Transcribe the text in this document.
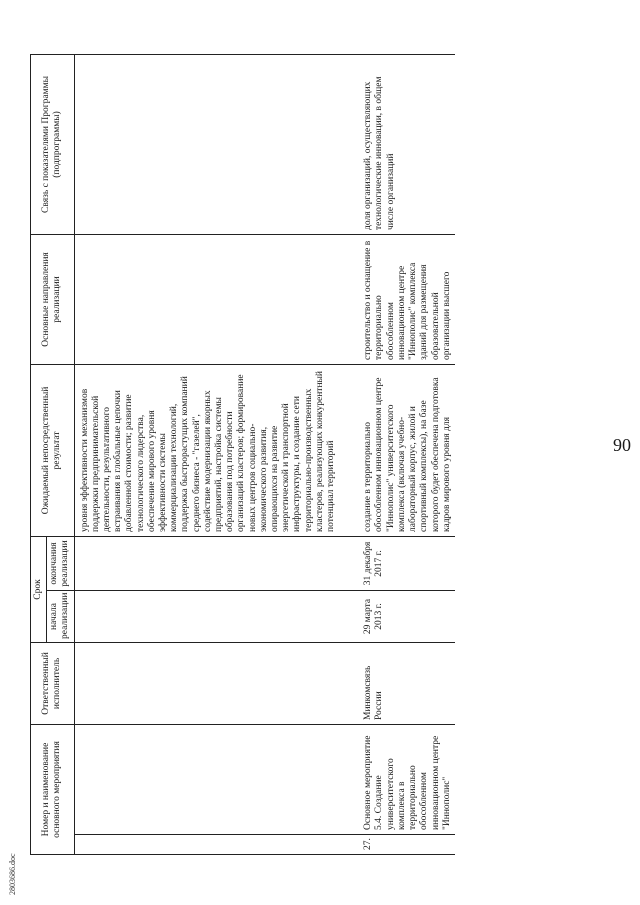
90
2803686.doc
Номер и наименование основного мероприятия		Ответственный исполнитель	Срок		Ожидаемый непосредственный результат	Основные направления реализации	Связь с показателями Программы (подпрограммы)
			начала реализации	окончания реализации			
					уровня эффективности механизмов поддержки предпринимательской деятельности, результативного встраивания в глобальные цепочки добавленной стоимости; развитие технологического лидерства, обеспечение мирового уровня эффективности системы коммерциализации технологий, поддержка быстрорастущих компаний среднего бизнеса - "газелей", содействие модернизации якорных предприятий, настройка системы образования под потребности организаций кластеров; формирование новых центров социально-экономического развития, опирающихся на развитие энергетической и транспортной инфраструктуры, и создание сети территориально-производственных кластеров, реализующих конкурентный потенциал территорий		

27.	Основное мероприятие 5.4. Создание университетского комплекса в территориально обособленном инновационном центре "Иннополис"	Минкомсвязь России	29 марта 2013 г.	31 декабря 2017 г.	создание в территориально обособленном инновационном центре "Иннополис" университетского комплекса (включая учебно-лабораторный корпус, жилой и спортивный комплексы), на базе которого будет обеспечена подготовка кадров мирового уровня для	строительство и оснащение в территориально обособленном инновационном центре "Иннополис" комплекса зданий для размещения образовательной организации высшего	доля организаций, осуществляющих технологические инновации, в общем числе организаций
